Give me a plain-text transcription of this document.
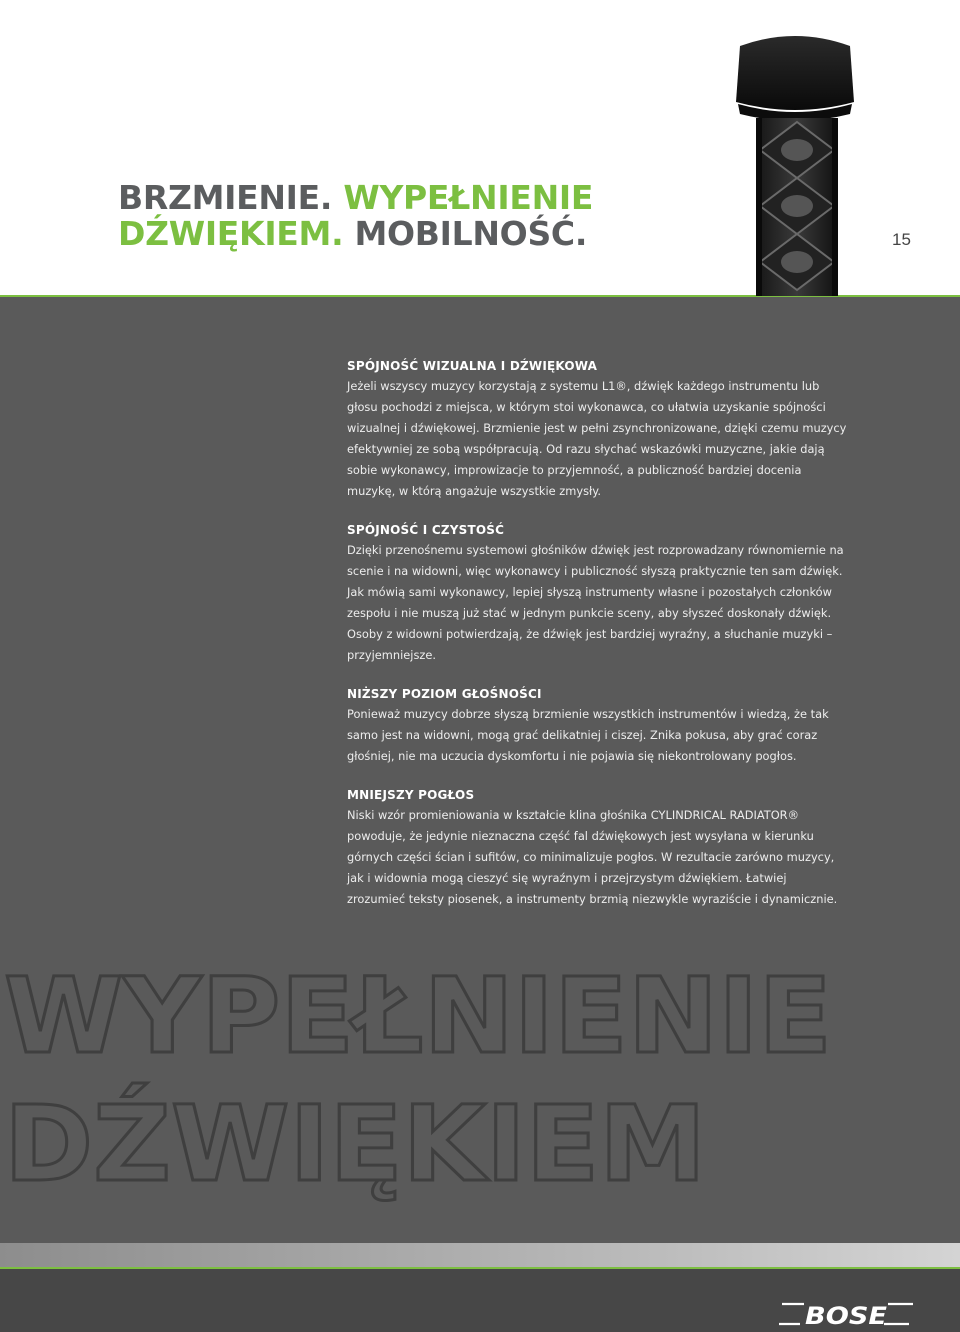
BRZMIENIE. WYPEŁNIENIE
DŹWIĘKIEM. MOBILNOŚĆ.	15
SPÓJNOŚĆ WIZUALNA I DŹWIĘKOWA

Jeżeli wszyscy muzycy korzystają z systemu L1®, dźwięk każdego instrumentu lub głosu pochodzi z miejsca, w którym stoi wykonawca, co ułatwia uzyskanie spójności wizualnej i dźwiękowej. Brzmienie jest w pełni zsynchronizowane, dzięki czemu muzycy efektywniej ze sobą współpracują. Od razu słychać wskazówki muzyczne, jakie dają sobie wykonawcy, improwizacje to przyjemność, a publiczność bardziej docenia muzykę, w którą angażuje wszystkie zmysły.

SPÓJNOŚĆ I CZYSTOŚĆ

Dzięki przenośnemu systemowi głośników dźwięk jest rozprowadzany równomiernie na scenie i na widowni, więc wykonawcy i publiczność słyszą praktycznie ten sam dźwięk. Jak mówią sami wykonawcy, lepiej słyszą instrumenty własne i pozostałych członków zespołu i nie muszą już stać w jednym punkcie sceny, aby słyszeć doskonały dźwięk. Osoby z widowni potwierdzają, że dźwięk jest bardziej wyraźny, a słuchanie muzyki – przyjemniejsze.

NIŻSZY POZIOM GŁOŚNOŚCI

Ponieważ muzycy dobrze słyszą brzmienie wszystkich instrumentów i wiedzą, że tak samo jest na widowni, mogą grać delikatniej i ciszej. Znika pokusa, aby grać coraz głośniej, nie ma uczucia dyskomfortu i nie pojawia się niekontrolowany pogłos.

MNIEJSZY POGŁOS

Niski wzór promieniowania w kształcie klina głośnika CYLINDRICAL RADIATOR® powoduje, że jedynie nieznaczna część fal dźwiękowych jest wysyłana w kierunku górnych części ścian i sufitów, co minimalizuje pogłos. W rezultacie zarówno muzycy, jak i widownia mogą cieszyć się wyraźnym i przejrzystym dźwiękiem. Łatwiej zrozumieć teksty piosenek, a instrumenty brzmią niezwykle wyraziście i dynamicznie.

WYPEŁNIENIE
DŹWIĘKIEM
BOSE
